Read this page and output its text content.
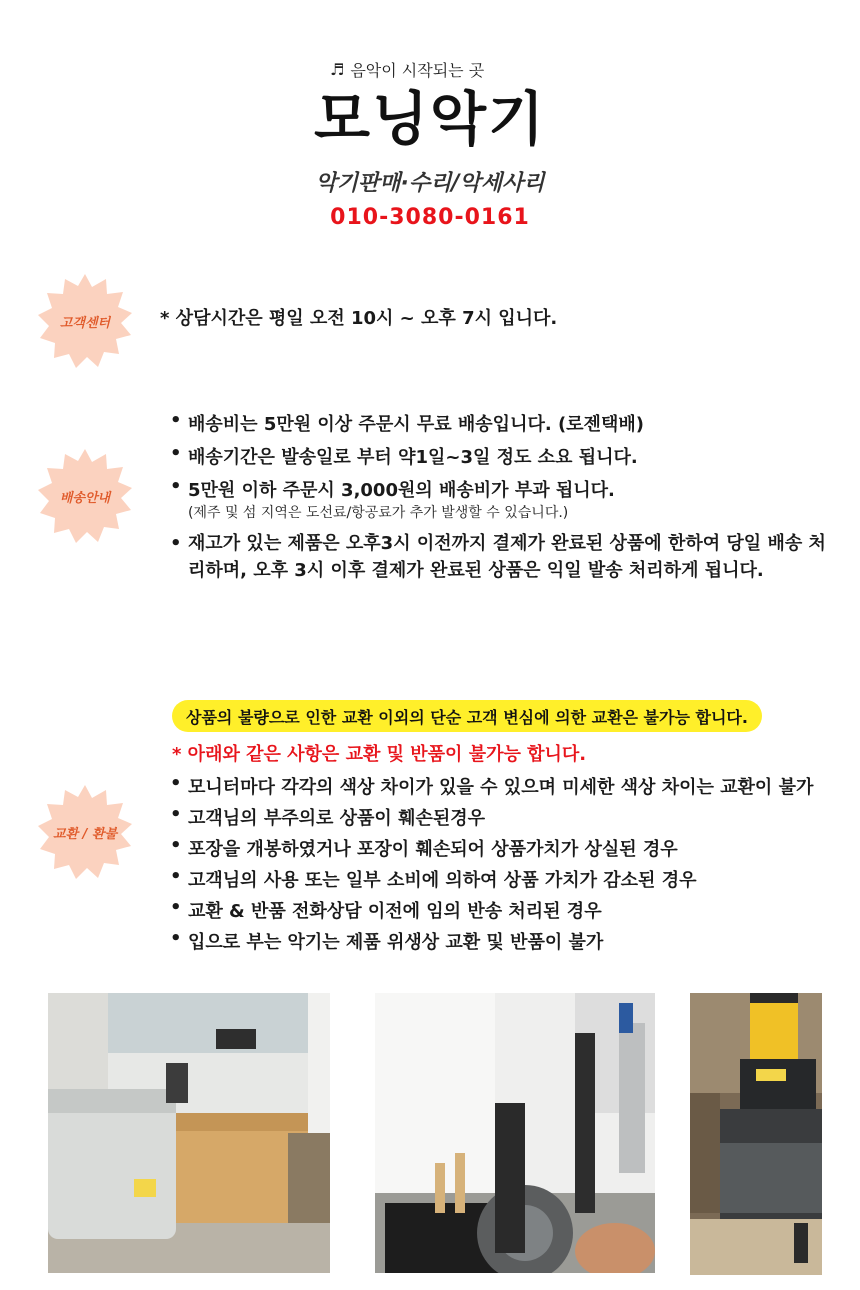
♬ 음악이 시작되는 곳
모닝악기
악기판매·수리/악세사리
010-3080-0161
고객센터	* 상담시간은 평일 오전 10시 ~ 오후 7시 입니다.
배송안내
• 배송비는 5만원 이상 주문시 무료 배송입니다. (로젠택배)
• 배송기간은 발송일로 부터 약1일~3일 정도 소요 됩니다.
• 5만원 이하 주문시 3,000원의 배송비가 부과 됩니다.
(제주 및 섬 지역은 도선료/항공료가 추가 발생할 수 있습니다.)
• 재고가 있는 제품은 오후3시 이전까지 결제가 완료된 상품에 한하여 당일 배송 처리하며, 오후 3시 이후 결제가 완료된 상품은 익일 발송 처리하게 됩니다.
상품의 불량으로 인한 교환 이외의 단순 고객 변심에 의한 교환은 불가능 합니다.
* 아래와 같은 사항은 교환 및 반품이 불가능 합니다.
교환 / 환불
• 모니터마다 각각의 색상 차이가 있을 수 있으며 미세한 색상 차이는 교환이 불가
• 고객님의 부주의로 상품이 훼손된경우
• 포장을 개봉하였거나 포장이 훼손되어 상품가치가 상실된 경우
• 고객님의 사용 또는 일부 소비에 의하여 상품 가치가 감소된 경우
• 교환 & 반품 전화상담 이전에 임의 반송 처리된 경우
• 입으로 부는 악기는 제품 위생상 교환 및 반품이 불가
